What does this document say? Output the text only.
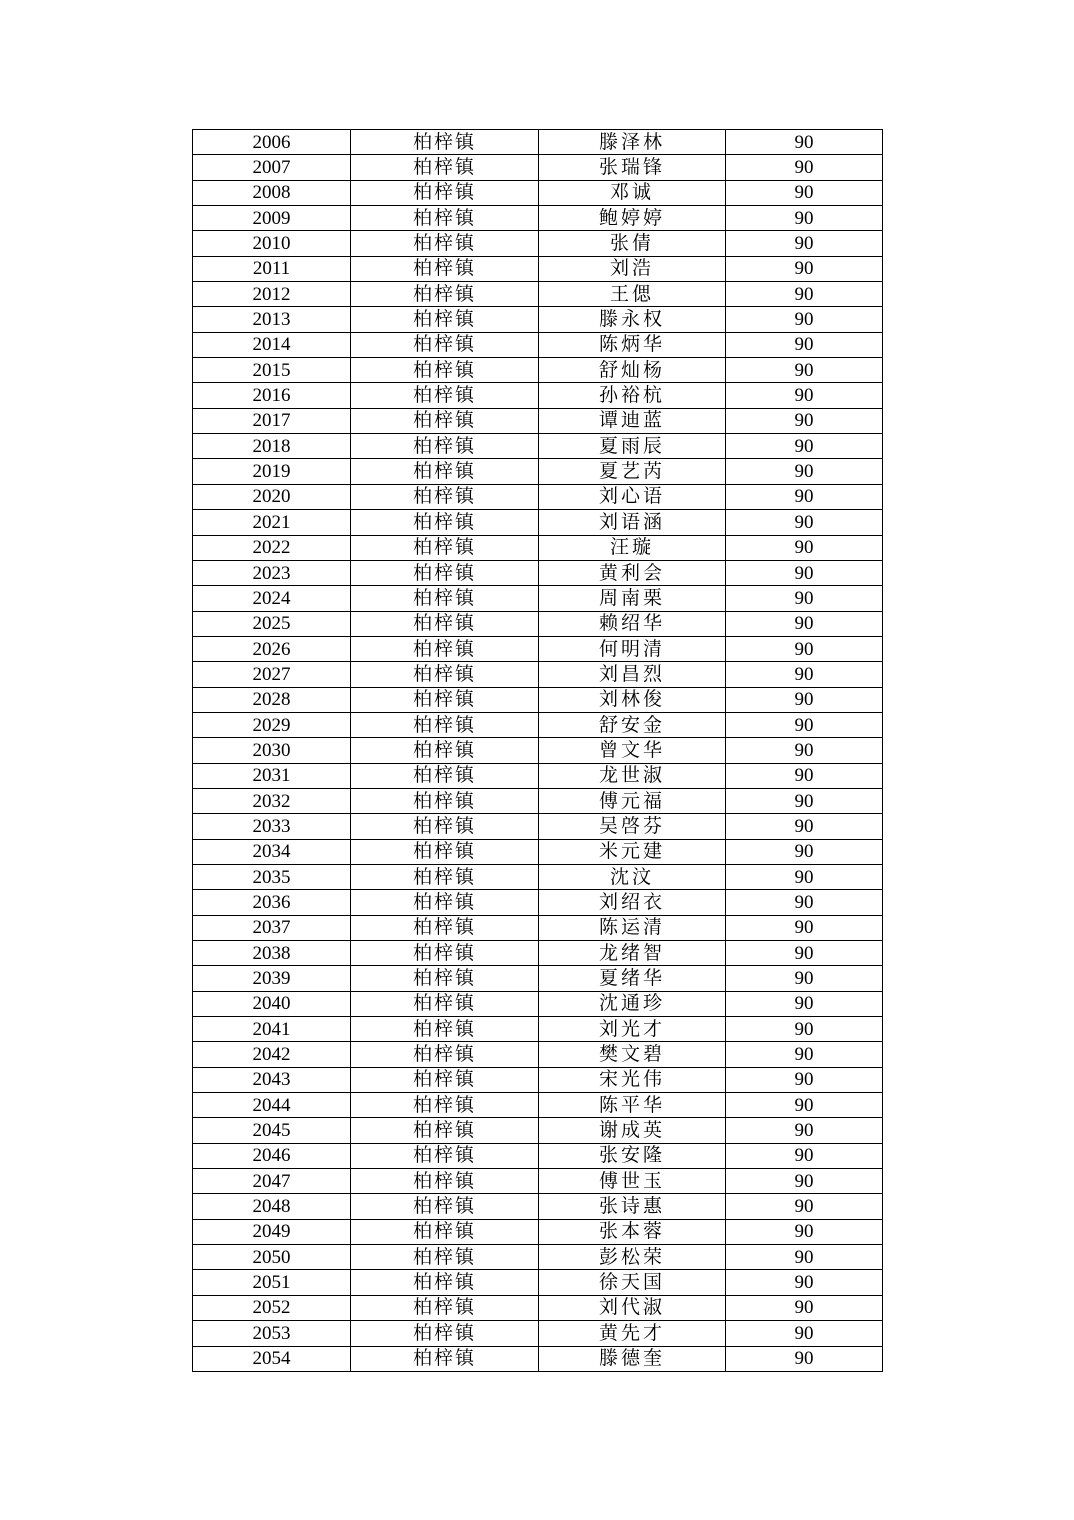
2006	柏梓镇	滕泽林	90
2007	柏梓镇	张瑞锋	90
2008	柏梓镇	邓诚	90
2009	柏梓镇	鲍婷婷	90
2010	柏梓镇	张倩	90
2011	柏梓镇	刘浩	90
2012	柏梓镇	王偲	90
2013	柏梓镇	滕永权	90
2014	柏梓镇	陈炳华	90
2015	柏梓镇	舒灿杨	90
2016	柏梓镇	孙裕杭	90
2017	柏梓镇	谭迪蓝	90
2018	柏梓镇	夏雨辰	90
2019	柏梓镇	夏艺芮	90
2020	柏梓镇	刘心语	90
2021	柏梓镇	刘语涵	90
2022	柏梓镇	汪璇	90
2023	柏梓镇	黄利会	90
2024	柏梓镇	周南栗	90
2025	柏梓镇	赖绍华	90
2026	柏梓镇	何明清	90
2027	柏梓镇	刘昌烈	90
2028	柏梓镇	刘林俊	90
2029	柏梓镇	舒安金	90
2030	柏梓镇	曾文华	90
2031	柏梓镇	龙世淑	90
2032	柏梓镇	傅元福	90
2033	柏梓镇	吴啓芬	90
2034	柏梓镇	米元建	90
2035	柏梓镇	沈汶	90
2036	柏梓镇	刘绍衣	90
2037	柏梓镇	陈运清	90
2038	柏梓镇	龙绪智	90
2039	柏梓镇	夏绪华	90
2040	柏梓镇	沈通珍	90
2041	柏梓镇	刘光才	90
2042	柏梓镇	樊文碧	90
2043	柏梓镇	宋光伟	90
2044	柏梓镇	陈平华	90
2045	柏梓镇	谢成英	90
2046	柏梓镇	张安隆	90
2047	柏梓镇	傅世玉	90
2048	柏梓镇	张诗惠	90
2049	柏梓镇	张本蓉	90
2050	柏梓镇	彭松荣	90
2051	柏梓镇	徐天国	90
2052	柏梓镇	刘代淑	90
2053	柏梓镇	黄先才	90
2054	柏梓镇	滕德奎	90
